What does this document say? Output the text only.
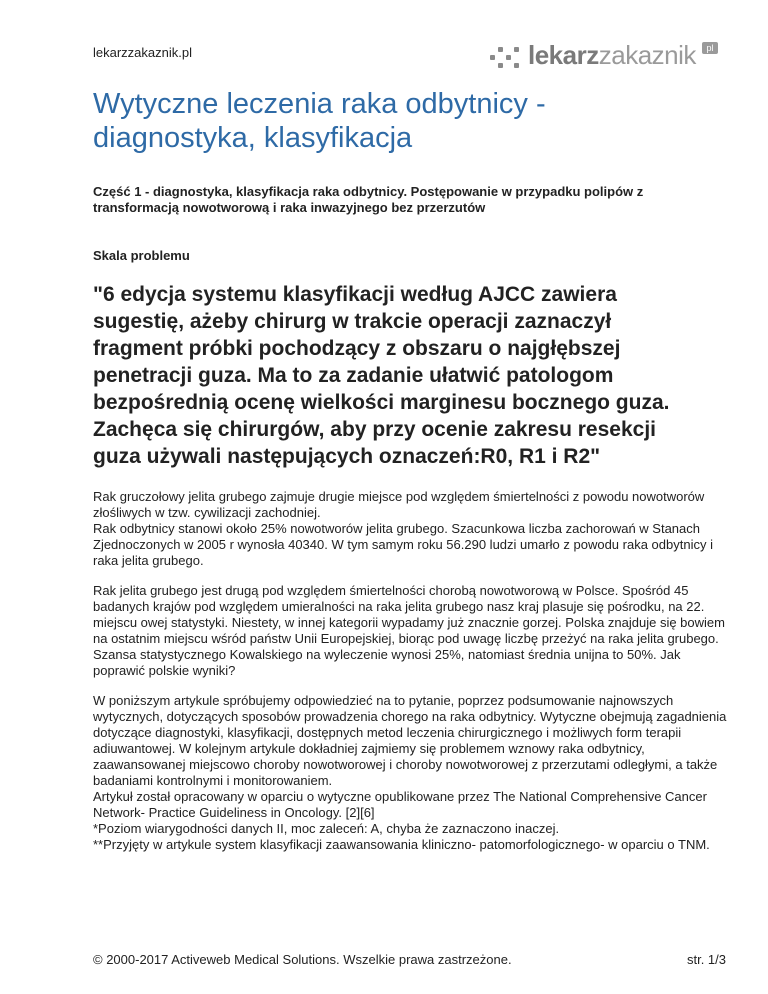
lekarzzakaznik.pl	lekarzzakaznik	pl
Wytyczne leczenia raka odbytnicy - diagnostyka, klasyfikacja
Część 1 - diagnostyka, klasyfikacja raka odbytnicy. Postępowanie w przypadku polipów z transformacją nowotworową i raka inwazyjnego bez przerzutów
Skala problemu
"6 edycja systemu klasyfikacji według AJCC zawiera sugestię, ażeby chirurg w trakcie operacji zaznaczył fragment próbki pochodzący z obszaru o najgłębszej penetracji guza. Ma to za zadanie ułatwić patologom bezpośrednią ocenę wielkości marginesu bocznego guza. Zachęca się chirurgów, aby przy ocenie zakresu resekcji guza używali następujących oznaczeń:R0, R1 i R2"

Rak gruczołowy jelita grubego zajmuje drugie miejsce pod względem śmiertelności z powodu nowotworów złośliwych w tzw. cywilizacji zachodniej.

Rak odbytnicy stanowi około 25% nowotworów jelita grubego. Szacunkowa liczba zachorowań w Stanach Zjednoczonych w 2005 r wynosła 40340. W tym samym roku 56.290 ludzi umarło z powodu raka odbytnicy i raka jelita grubego.

Rak jelita grubego jest drugą pod względem śmiertelności chorobą nowotworową w Polsce. Spośród 45 badanych krajów pod względem umieralności na raka jelita grubego nasz kraj plasuje się pośrodku, na 22. miejscu owej statystyki. Niestety, w innej kategorii wypadamy już znacznie gorzej. Polska znajduje się bowiem na ostatnim miejscu wśród państw Unii Europejskiej, biorąc pod uwagę liczbę przeżyć na raka jelita grubego. Szansa statystycznego Kowalskiego na wyleczenie wynosi 25%, natomiast średnia unijna to 50%. Jak poprawić polskie wyniki?

W poniższym artykule spróbujemy odpowiedzieć na to pytanie, poprzez podsumowanie najnowszych wytycznych, dotyczących sposobów prowadzenia chorego na raka odbytnicy. Wytyczne obejmują zagadnienia dotyczące diagnostyki, klasyfikacji, dostępnych metod leczenia chirurgicznego i możliwych form terapii adiuwantowej. W kolejnym artykule dokładniej zajmiemy się problemem wznowy raka odbytnicy, zaawansowanej miejscowo choroby nowotworowej i choroby nowotworowej z przerzutami odległymi, a także badaniami kontrolnymi i monitorowaniem.

Artykuł został opracowany w oparciu o wytyczne opublikowane przez The National Comprehensive Cancer Network- Practice Guideliness in Oncology. [2][6]

*Poziom wiarygodności danych II, moc zaleceń: A, chyba że zaznaczono inaczej.

**Przyjęty w artykule system klasyfikacji zaawansowania kliniczno- patomorfologicznego- w oparciu o TNM.

© 2000-2017 Activeweb Medical Solutions. Wszelkie prawa zastrzeżone.	str. 1/3
